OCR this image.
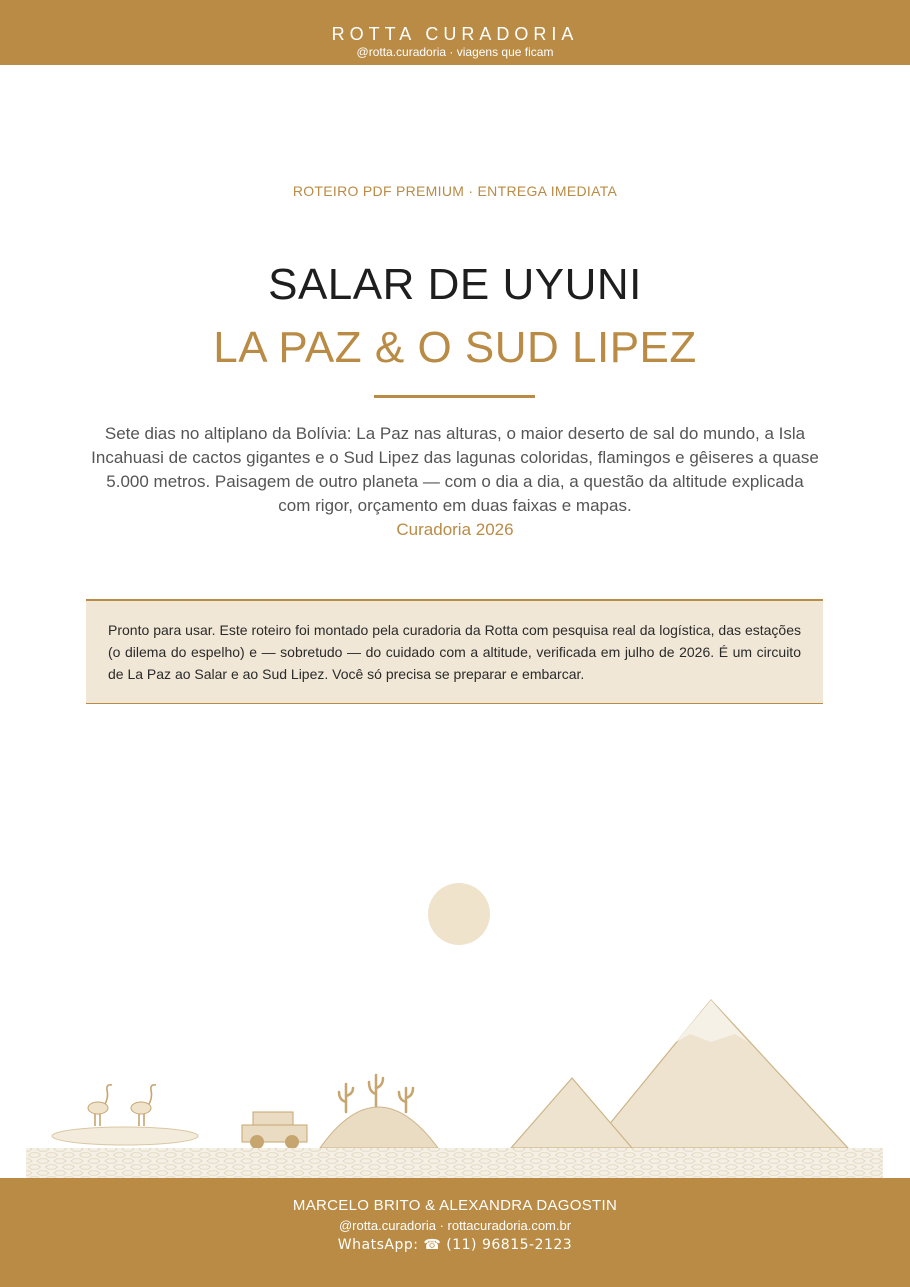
ROTTA CURADORIA
@rotta.curadoria · viagens que ficam
ROTEIRO PDF PREMIUM · ENTREGA IMEDIATA
SALAR DE UYUNI
LA PAZ & O SUD LIPEZ

Sete dias no altiplano da Bolívia: La Paz nas alturas, o maior deserto de sal do mundo, a Isla Incahuasi de cactos gigantes e o Sud Lipez das lagunas coloridas, flamingos e gêiseres a quase 5.000 metros. Paisagem de outro planeta — com o dia a dia, a questão da altitude explicada com rigor, orçamento em duas faixas e mapas.

Curadoria 2026
Pronto para usar. Este roteiro foi montado pela curadoria da Rotta com pesquisa real da logística, das estações (o dilema do espelho) e — sobretudo — do cuidado com a altitude, verificada em julho de 2026. É um circuito de La Paz ao Salar e ao Sud Lipez. Você só precisa se preparar e embarcar.
MARCELO BRITO & ALEXANDRA DAGOSTIN
@rotta.curadoria · rottacuradoria.com.br
WhatsApp: ☎ (11) 96815-2123
